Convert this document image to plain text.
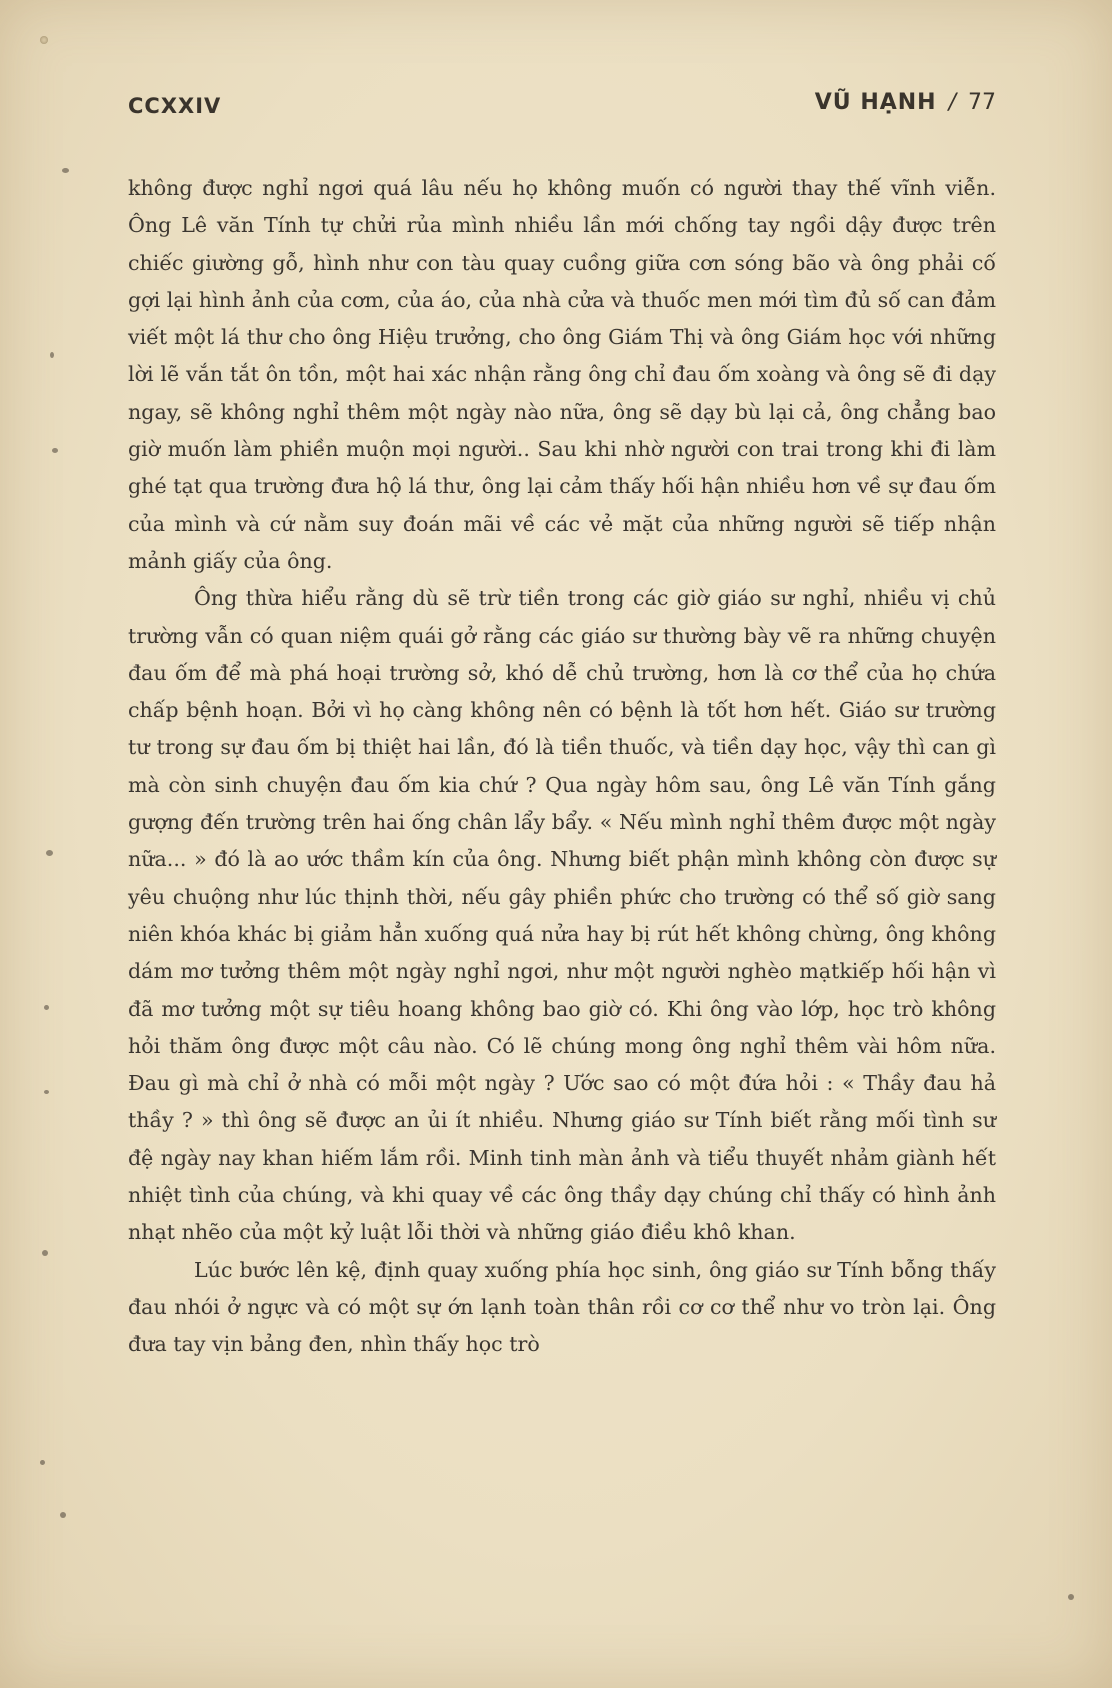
CCXXIV	VŨ HẠNH / 77

không được nghỉ ngơi quá lâu nếu họ không muốn có người thay thế vĩnh viễn. Ông Lê văn Tính tự chửi rủa mình nhiều lần mới chống tay ngồi dậy được trên chiếc giường gỗ, hình như con tàu quay cuồng giữa cơn sóng bão và ông phải cố gợi lại hình ảnh của cơm, của áo, của nhà cửa và thuốc men mới tìm đủ số can đảm viết một lá thư cho ông Hiệu trưởng, cho ông Giám Thị và ông Giám học với những lời lẽ vắn tắt ôn tồn, một hai xác nhận rằng ông chỉ đau ốm xoàng và ông sẽ đi dạy ngay, sẽ không nghỉ thêm một ngày nào nữa, ông sẽ dạy bù lại cả, ông chẳng bao giờ muốn làm phiền muộn mọi người.. Sau khi nhờ người con trai trong khi đi làm ghé tạt qua trường đưa hộ lá thư, ông lại cảm thấy hối hận nhiều hơn về sự đau ốm của mình và cứ nằm suy đoán mãi về các vẻ mặt của những người sẽ tiếp nhận mảnh giấy của ông.

Ông thừa hiểu rằng dù sẽ trừ tiền trong các giờ giáo sư nghỉ, nhiều vị chủ trường vẫn có quan niệm quái gở rằng các giáo sư thường bày vẽ ra những chuyện đau ốm để mà phá hoại trường sở, khó dễ chủ trường, hơn là cơ thể của họ chứa chấp bệnh hoạn. Bởi vì họ càng không nên có bệnh là tốt hơn hết. Giáo sư trường tư trong sự đau ốm bị thiệt hai lần, đó là tiền thuốc, và tiền dạy học, vậy thì can gì mà còn sinh chuyện đau ốm kia chứ ? Qua ngày hôm sau, ông Lê văn Tính gắng gượng đến trường trên hai ống chân lẩy bẩy. « Nếu mình nghỉ thêm được một ngày nữa... » đó là ao ước thầm kín của ông. Nhưng biết phận mình không còn được sự yêu chuộng như lúc thịnh thời, nếu gây phiền phức cho trường có thể số giờ sang niên khóa khác bị giảm hẳn xuống quá nửa hay bị rút hết không chừng, ông không dám mơ tưởng thêm một ngày nghỉ ngơi, như một người nghèo mạtkiếp hối hận vì đã mơ tưởng một sự tiêu hoang không bao giờ có. Khi ông vào lớp, học trò không hỏi thăm ông được một câu nào. Có lẽ chúng mong ông nghỉ thêm vài hôm nữa. Đau gì mà chỉ ở nhà có mỗi một ngày ? Ước sao có một đứa hỏi : « Thầy đau hả thầy ? » thì ông sẽ được an ủi ít nhiều. Nhưng giáo sư Tính biết rằng mối tình sư đệ ngày nay khan hiếm lắm rồi. Minh tinh màn ảnh và tiểu thuyết nhảm giành hết nhiệt tình của chúng, và khi quay về các ông thầy dạy chúng chỉ thấy có hình ảnh nhạt nhẽo của một kỷ luật lỗi thời và những giáo điều khô khan.

Lúc bước lên kệ, định quay xuống phía học sinh, ông giáo sư Tính bỗng thấy đau nhói ở ngực và có một sự ớn lạnh toàn thân rồi cơ cơ thể như vo tròn lại. Ông đưa tay vịn bảng đen, nhìn thấy học trò
